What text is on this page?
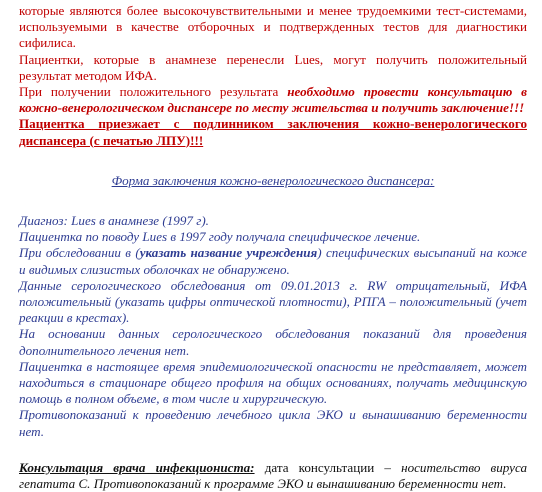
которые являются более высокочувствительными и менее трудоемкими тест-системами, используемыми в качестве отборочных и подтвержденных тестов для диагностики сифилиса.

Пациентки, которые в анамнезе перенесли Lues, могут получить положительный результат методом ИФА.

При получении положительного результата необходимо провести консультацию в кожно-венерологическом диспансере по месту жительства и получить заключение!!!

Пациентка приезжает с подлинником заключения кожно-венерологического диспансера (с печатью ЛПУ)!!!

Форма заключения кожно-венерологического диспансера:

Диагноз: Lues в анамнезе (1997 г).

Пациентка по поводу Lues в 1997 году получала специфическое лечение.

При обследовании в (указать название учреждения) специфических высыпаний на коже и видимых слизистых оболочках не обнаружено.

Данные серологического обследования от 09.01.2013 г. RW отрицательный, ИФА положительный (указать цифры оптической плотности), РПГА – положительный (учет реакции в крестах).

На основании данных серологического обследования показаний для проведения дополнительного лечения нет.

Пациентка в настоящее время эпидемиологической опасности не представляет, может находиться в стационаре общего профиля на общих основаниях, получать медицинскую помощь в полном объеме, в том числе и хирургическую.

Противопоказаний к проведению лечебного цикла ЭКО и вынашиванию беременности нет.

Консультация врача инфекциониста: дата консультации – носительство вируса гепатита С. Противопоказаний к программе ЭКО и вынашиванию беременности нет.
